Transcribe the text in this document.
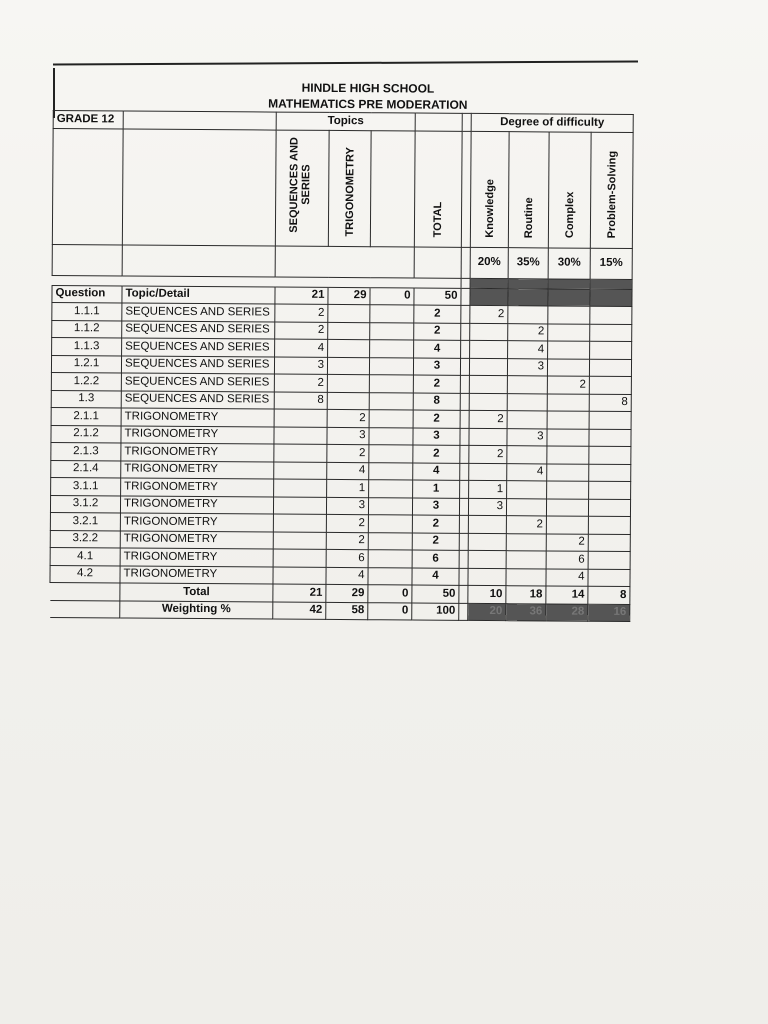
HINDLE HIGH SCHOOL
MATHEMATICS PRE MODERATION
GRADE 12		Topics					Degree of difficulty			
		SEQUENCES AND SERIES	TRIGONOMETRY		TOTAL		Knowledge	Routine	Complex	Problem-Solving
							20%	35%	30%	15%

Question	Topic/Detail	21	29	0	50					
1.1.1	SEQUENCES AND SERIES	2			2		2			
1.1.2	SEQUENCES AND SERIES	2			2			2		
1.1.3	SEQUENCES AND SERIES	4			4			4		
1.2.1	SEQUENCES AND SERIES	3			3			3		
1.2.2	SEQUENCES AND SERIES	2			2				2	
1.3	SEQUENCES AND SERIES	8			8					8
2.1.1	TRIGONOMETRY		2		2		2			
2.1.2	TRIGONOMETRY		3		3			3		
2.1.3	TRIGONOMETRY		2		2		2			
2.1.4	TRIGONOMETRY		4		4			4		
3.1.1	TRIGONOMETRY		1		1		1			
3.1.2	TRIGONOMETRY		3		3		3			
3.2.1	TRIGONOMETRY		2		2			2		
3.2.2	TRIGONOMETRY		2		2				2	
4.1	TRIGONOMETRY		6		6				6	
4.2	TRIGONOMETRY		4		4				4	
	Total	21	29	0	50		10	18	14	8
	Weighting %	42	58	0	100		20	36	28	16
